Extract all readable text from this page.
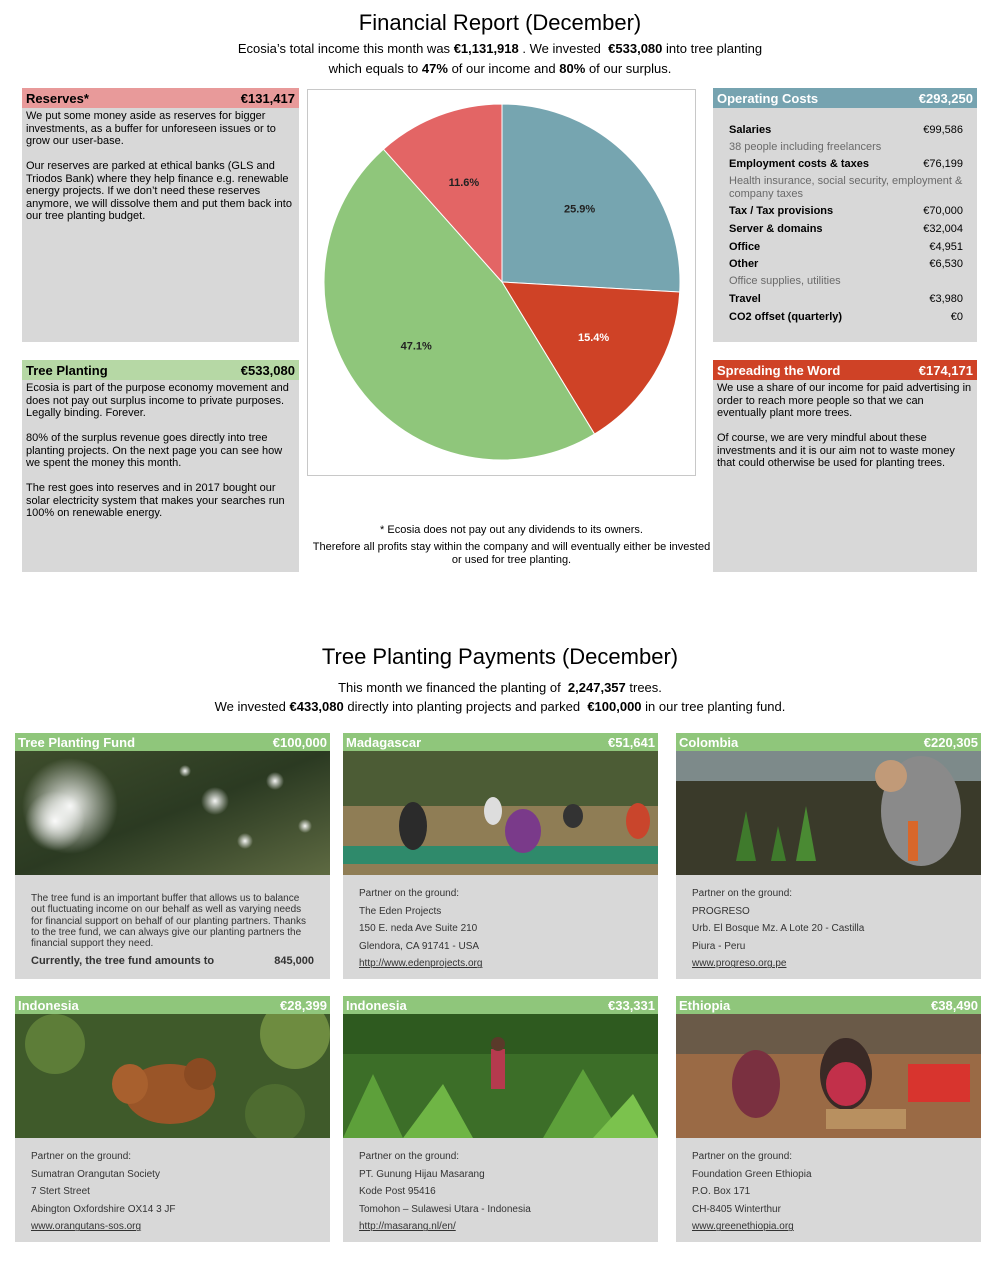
Financial Report (December)
Ecosia’s total income this month was €1,131,918 . We invested €533,080 into tree planting
which equals to 47% of our income and 80% of our surplus.
Reserves*	€131,417

We put some money aside as reserves for bigger investments, as a buffer for unforeseen issues or to grow our user-base.

Our reserves are parked at ethical banks (GLS and Triodos Bank) where they help finance e.g. renewable energy projects. If we don’t need these reserves anymore, we will dissolve them and put them back into our tree planting budget.

Tree Planting	€533,080

Ecosia is part of the purpose economy movement and does not pay out surplus income to private purposes. Legally binding. Forever.

80% of the surplus revenue goes directly into tree planting projects. On the next page you can see how we spent the money this month.

The rest goes into reserves and in 2017 bought our solar electricity system that makes your searches run 100% on renewable energy.

25.9%
15.4%
47.1%
11.6%
Operating Costs	€293,250
Salaries	€99,586
38 people including freelancers
Employment costs & taxes	€76,199
Health insurance, social security, employment & company taxes
Tax / Tax provisions	€70,000
Server & domains	€32,004
Office	€4,951
Other	€6,530
Office supplies, utilities
Travel	€3,980
CO2 offset (quarterly)	€0
Spreading the Word	€174,171

We use a share of our income for paid advertising in order to reach more people so that we can eventually plant more trees.

Of course, we are very mindful about these investments and it is our aim not to waste money that could otherwise be used for planting trees.

* Ecosia does not pay out any dividends to its owners.
Therefore all profits stay within the company and will eventually either be invested or used for tree planting.
Tree Planting Payments (December)
This month we financed the planting of 2,247,357 trees.
We invested €433,080 directly into planting projects and parked €100,000 in our tree planting fund.
Tree Planting Fund	€100,000
The tree fund is an important buffer that allows us to balance out fluctuating income on our behalf as well as varying needs for financial support on behalf of our planting partners. Thanks to the tree fund, we can always give our planting partners the financial support they need.
Currently, the tree fund amounts to	845,000
Madagascar	€51,641
Partner on the ground:
The Eden Projects
150 E. neda Ave Suite 210
Glendora, CA 91741 - USA
http://www.edenprojects.org
Colombia	€220,305
Partner on the ground:
PROGRESO
Urb. El Bosque Mz. A Lote 20 - Castilla
Piura - Peru
www.progreso.org.pe
Indonesia	€28,399
Partner on the ground:
Sumatran Orangutan Society
7 Stert Street
Abington Oxfordshire OX14 3 JF
www.orangutans-sos.org
Indonesia	€33,331
Partner on the ground:
PT. Gunung Hijau Masarang
Kode Post 95416
Tomohon – Sulawesi Utara - Indonesia
http://masarang.nl/en/
Ethiopia	€38,490
Partner on the ground:
Foundation Green Ethiopia
P.O. Box 171
CH-8405 Winterthur
www.greenethiopia.org
